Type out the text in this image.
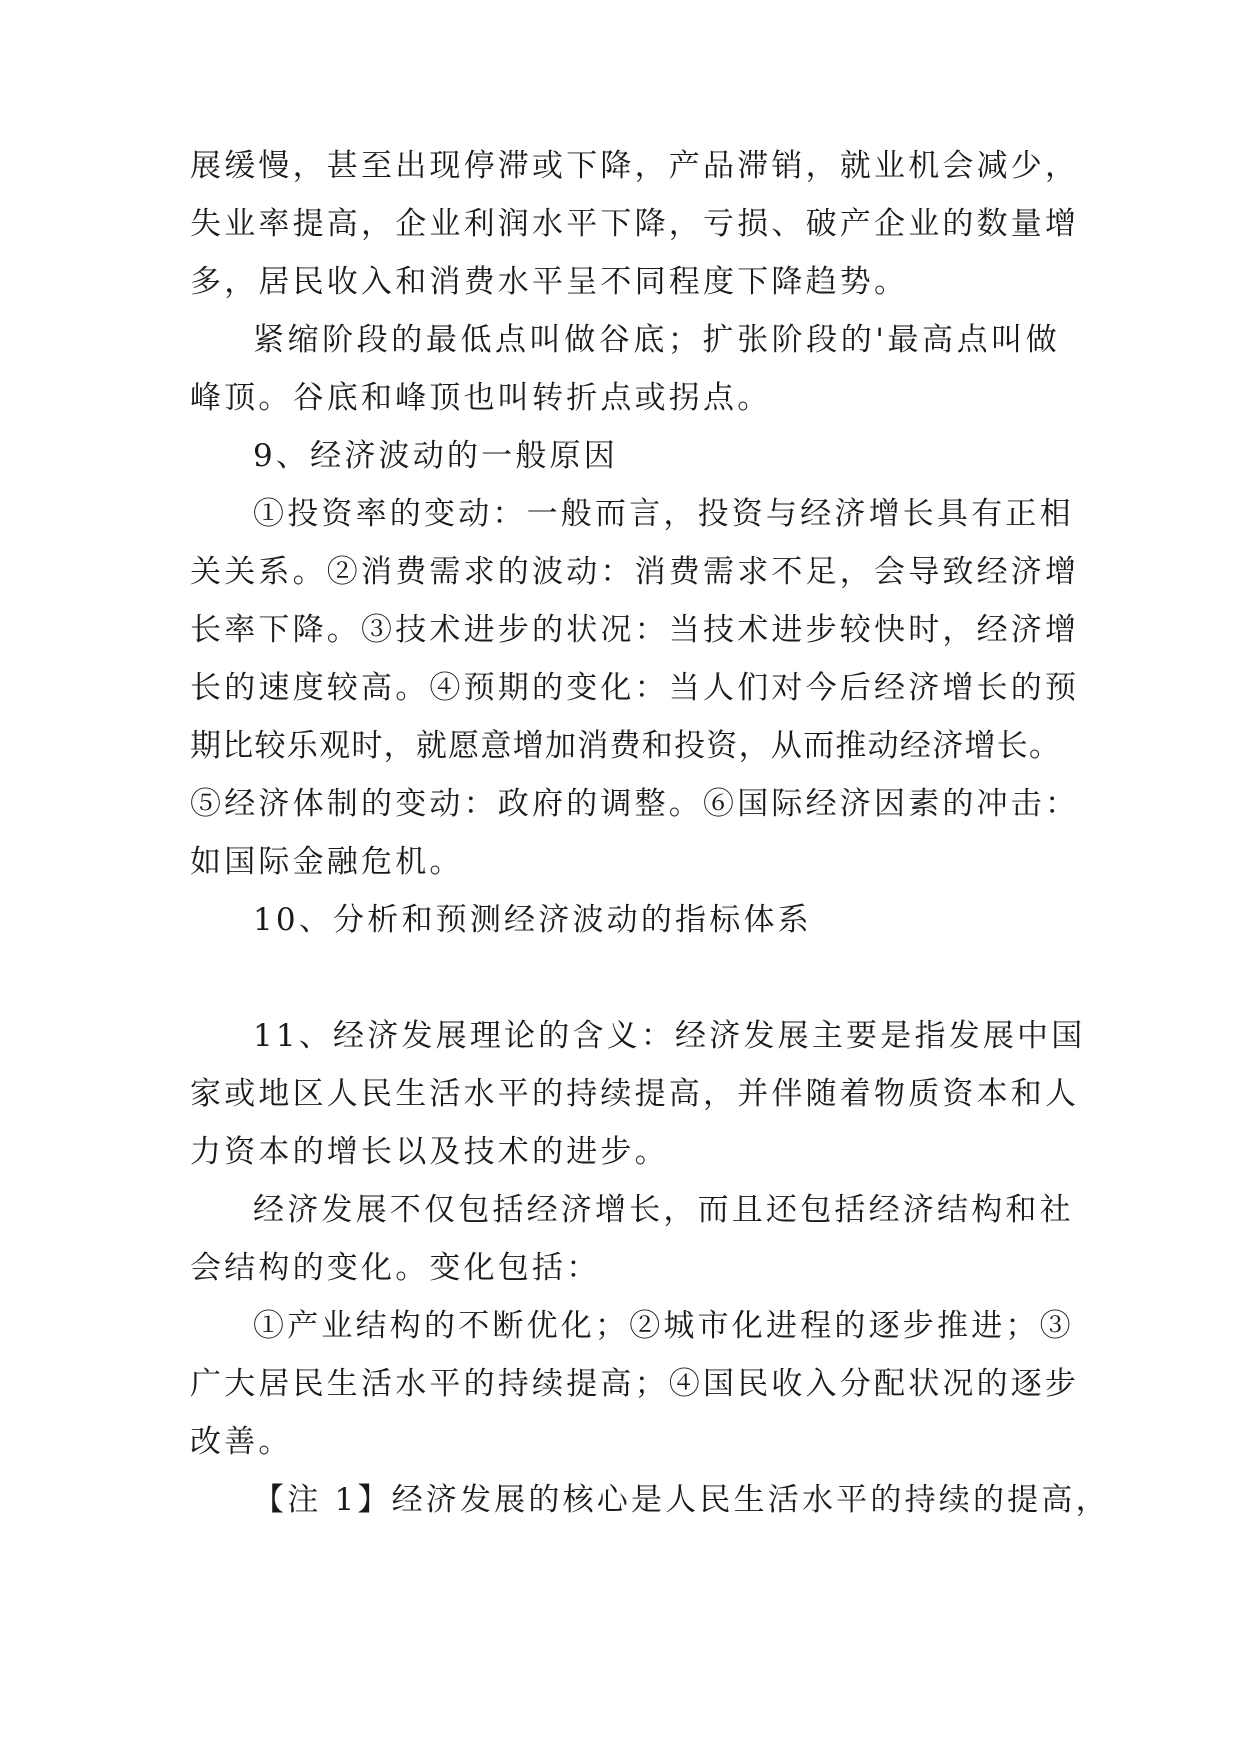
展缓慢，甚至出现停滞或下降，产品滞销，就业机会减少，
失业率提高，企业利润水平下降，亏损、破产企业的数量增
多，居民收入和消费水平呈不同程度下降趋势。
紧缩阶段的最低点叫做谷底；扩张阶段的'最高点叫做
峰顶。谷底和峰顶也叫转折点或拐点。
9、经济波动的一般原因
①投资率的变动：一般而言，投资与经济增长具有正相
关关系。②消费需求的波动：消费需求不足，会导致经济增
长率下降。③技术进步的状况：当技术进步较快时，经济增
长的速度较高。④预期的变化：当人们对今后经济增长的预
期比较乐观时，就愿意增加消费和投资，从而推动经济增长。
⑤经济体制的变动：政府的调整。⑥国际经济因素的冲击：
如国际金融危机。
10、分析和预测经济波动的指标体系
11、经济发展理论的含义：经济发展主要是指发展中国
家或地区人民生活水平的持续提高，并伴随着物质资本和人
力资本的增长以及技术的进步。
经济发展不仅包括经济增长，而且还包括经济结构和社
会结构的变化。变化包括：
①产业结构的不断优化；②城市化进程的逐步推进；③
广大居民生活水平的持续提高；④国民收入分配状况的逐步
改善。
【注 1】经济发展的核心是人民生活水平的持续的提高，
